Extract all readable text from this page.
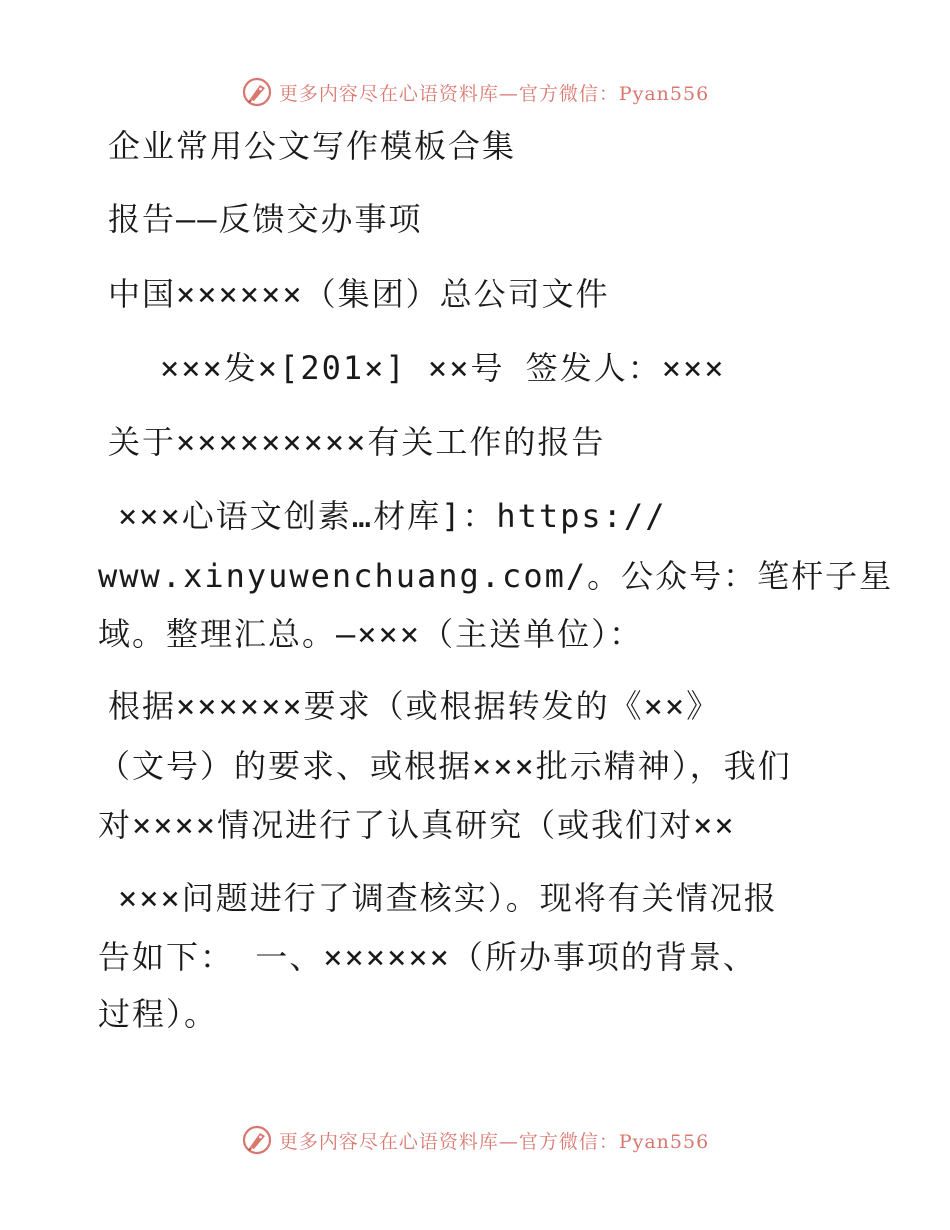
更多内容尽在心语资料库—官方微信：Pyan556
企业常用公文写作模板合集
报告——反馈交办事项
中国××××××（集团）总公司文件
×××发×[201×] ××号 签发人：×××
关于×××××××××有关工作的报告
×××心语文创素…材库]：https://
www.xinyuwenchuang.com/。公众号：笔杆子星
域。整理汇总。—×××（主送单位）：
根据××××××要求（或根据转发的《××》
（文号）的要求、或根据×××批示精神），我们
对××××情况进行了认真研究（或我们对××
×××问题进行了调查核实）。现将有关情况报
告如下： 一、××××××（所办事项的背景、
过程）。
更多内容尽在心语资料库—官方微信：Pyan556
